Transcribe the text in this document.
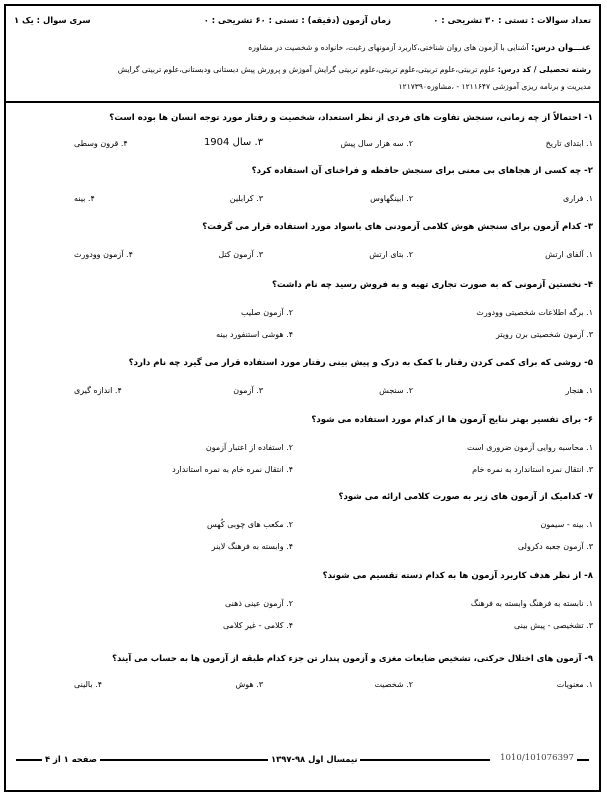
تعداد سوالات : تستی : ۳۰ تشریحی : ۰
زمان آزمون (دقیقه) : تستی : ۶۰ تشریحی : ۰
سری سوال : یک ۱
عنـــوان درس: آشنایی با آزمون های روان شناختی،کاربرد آزمونهای رغبت، خانواده و شخصیت در مشاوره
رشته تحصیلی / کد درس: علوم تربیتی،علوم تربیتی،علوم تربیتی،علوم تربیتی گرایش آموزش و پرورش پیش دبستانی ودبستانی،علوم تربیتی گرایش
مدیریت و برنامه ریزی آموزشی ۱۲۱۱۶۴۷ - ،مشاوره۱۲۱۷۳۹۰
۱- احتمالاً از چه زمانی، سنجش تفاوت های فردی از نظر استعداد، شخصیت و رفتار مورد توجه انسان ها بوده است؟
۱. ابتدای تاریخ
۲. سه هزار سال پیش
۳. سال 1904
۴. قرون وسطی
۲- چه کسی از هجاهای بی معنی برای سنجش حافظه و فراخنای آن استفاده کرد؟
۱. فراری
۲. ابینگهاوس
۳. کرابلین
۴. بینه
۳- کدام آزمون برای سنجش هوش کلامی آزمودنی های باسواد مورد استفاده قرار می گرفت؟
۱. آلفای ارتش
۲. بتای ارتش
۳. آزمون کتل
۴. آزمون وودورث
۴- نخستین آزمونی که به صورت تجاری تهیه و به فروش رسید چه نام داشت؟
۱. برگه اطلاعات شخصیتی وودورث
۲. آزمون صلیب
۳. آزمون شخصیتی برن رویتر
۴. هوشی استنفورد بینه
۵- روشی که برای کمی کردن رفتار با کمک به درک و پیش بینی رفتار مورد استفاده قرار می گیرد چه نام دارد؟
۱. هنجار
۲. سنجش
۳. آزمون
۴. اندازه گیری
۶- برای تفسیر بهتر نتایج آزمون ها از کدام مورد استفاده می شود؟
۱. محاسبه روایی آزمون ضروری است
۲. استفاده از اعتبار آزمون
۳. انتقال نمره استاندارد به نمره خام
۴. انتقال نمره خام به نمره استاندارد
۷- کدامیک از آزمون های زیر به صورت کلامی ارائه می شود؟
۱. بینه - سیمون
۲. مکعب های چوبی کُهس
۳. آزمون جعبه دکرولی
۴. وابسته به فرهنگ لاینر
۸- از نظر هدف کاربرد آزمون ها به کدام دسته تقسیم می شوند؟
۱. نابسته به فرهنگ وابسته به فرهنگ
۲. آزمون عینی ذهنی
۳. تشخیصی - پیش بینی
۴. کلامی - غیر کلامی
۹- آزمون های اختلال حرکتی، تشخیص ضایعات مغزی و آزمون پندار تن جزء کدام طبقه از آزمون ها به حساب می آیند؟
۱. معنویات
۲. شخصیت
۳. هوش
۴. بالینی
صفحه ۱ از ۴	نیمسال اول ۹۸-۱۳۹۷	1010/101076397
